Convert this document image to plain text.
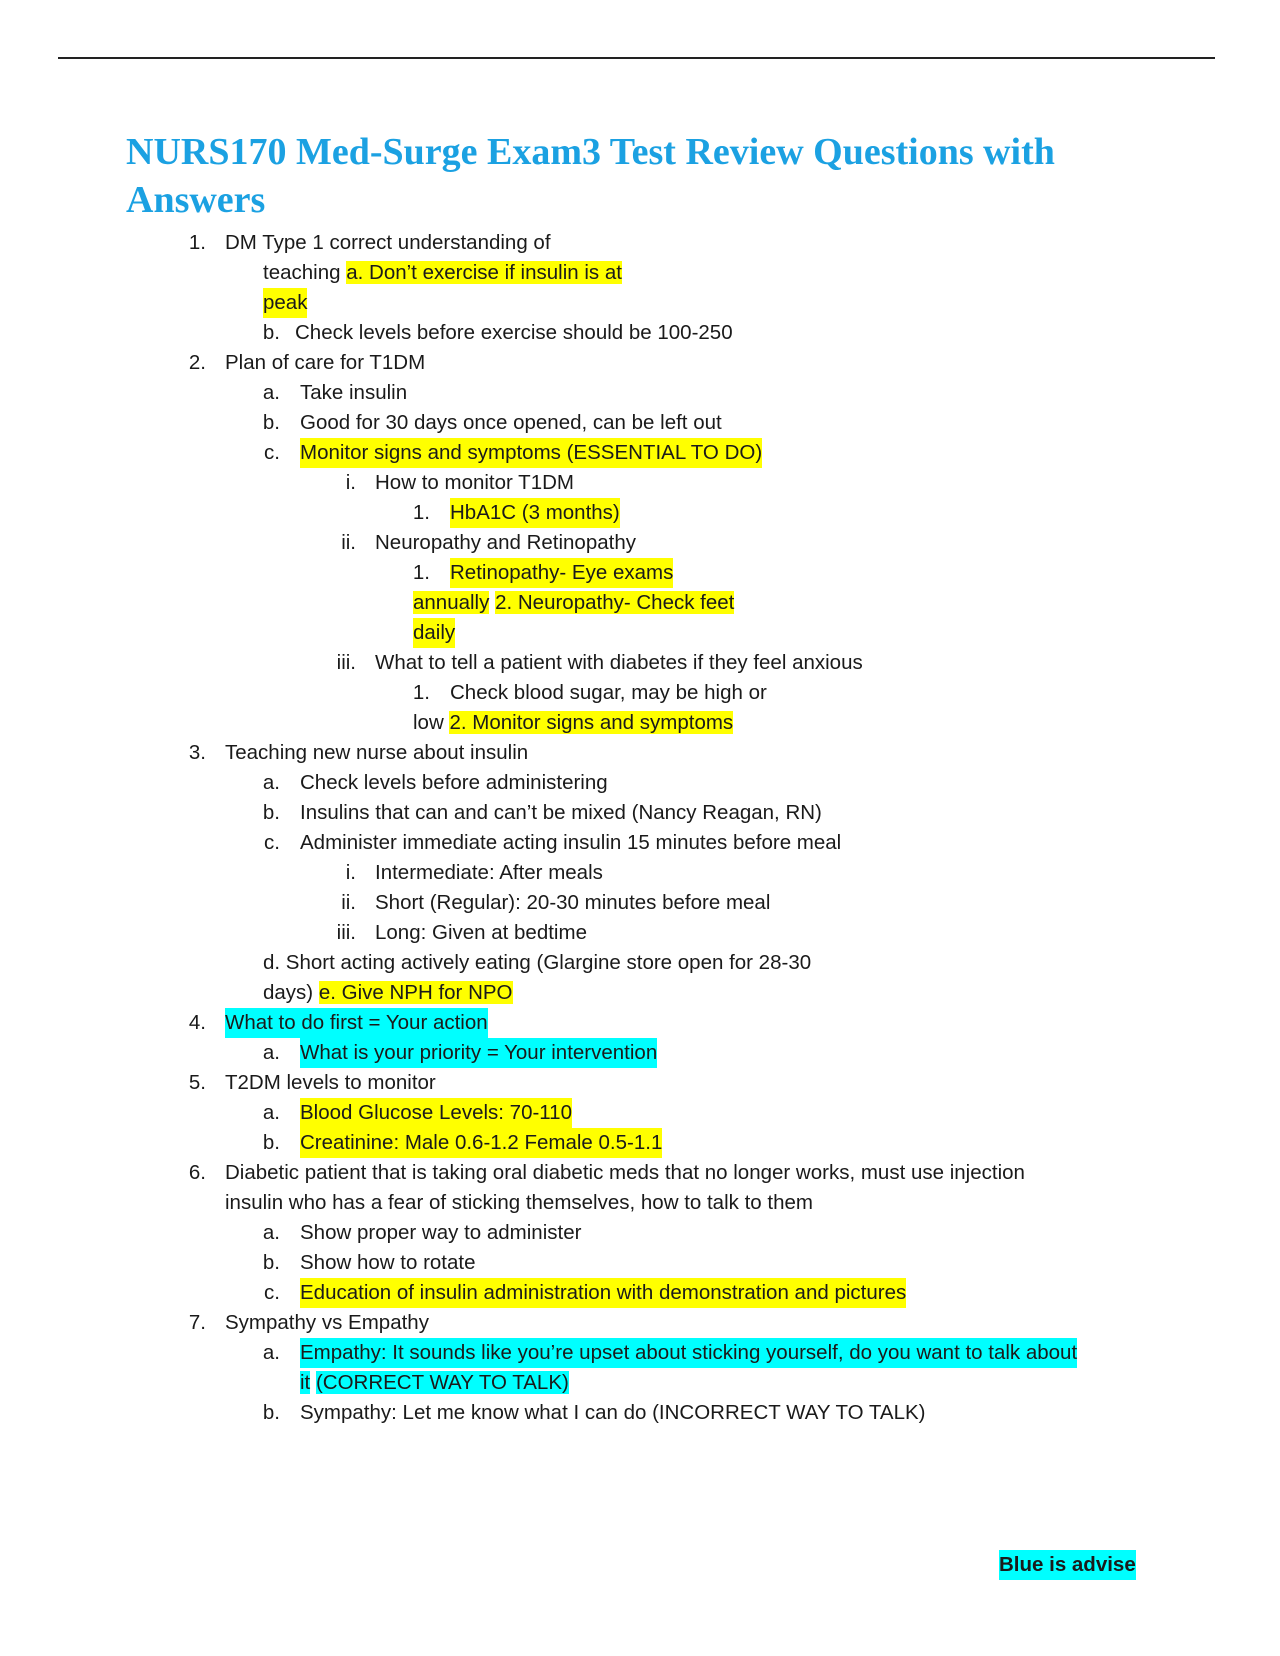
NURS170 Med-Surge Exam3 Test Review Questions with Answers
1. DM Type 1 correct understanding of
teaching a. Don’t exercise if insulin is at
peak
b. Check levels before exercise should be 100-250
2. Plan of care for T1DM
a. Take insulin
b. Good for 30 days once opened, can be left out
c. Monitor signs and symptoms (ESSENTIAL TO DO)
i. How to monitor T1DM
1. HbA1C (3 months)
ii. Neuropathy and Retinopathy
1. Retinopathy- Eye exams
annually 2. Neuropathy- Check feet
daily
iii. What to tell a patient with diabetes if they feel anxious
1. Check blood sugar, may be high or
low 2. Monitor signs and symptoms
3. Teaching new nurse about insulin
a. Check levels before administering
b. Insulins that can and can’t be mixed (Nancy Reagan, RN)
c. Administer immediate acting insulin 15 minutes before meal
i. Intermediate: After meals
ii. Short (Regular): 20-30 minutes before meal
iii. Long: Given at bedtime
d. Short acting actively eating (Glargine store open for 28-30
days) e. Give NPH for NPO
4. What to do first = Your action
a. What is your priority = Your intervention
5. T2DM levels to monitor
a. Blood Glucose Levels: 70-110
b. Creatinine: Male 0.6-1.2 Female 0.5-1.1
6. Diabetic patient that is taking oral diabetic meds that no longer works, must use injection
insulin who has a fear of sticking themselves, how to talk to them
a. Show proper way to administer
b. Show how to rotate
c. Education of insulin administration with demonstration and pictures
7. Sympathy vs Empathy
a. Empathy: It sounds like you’re upset about sticking yourself, do you want to talk about
it (CORRECT WAY TO TALK)
b. Sympathy: Let me know what I can do (INCORRECT WAY TO TALK)
Blue is advise
